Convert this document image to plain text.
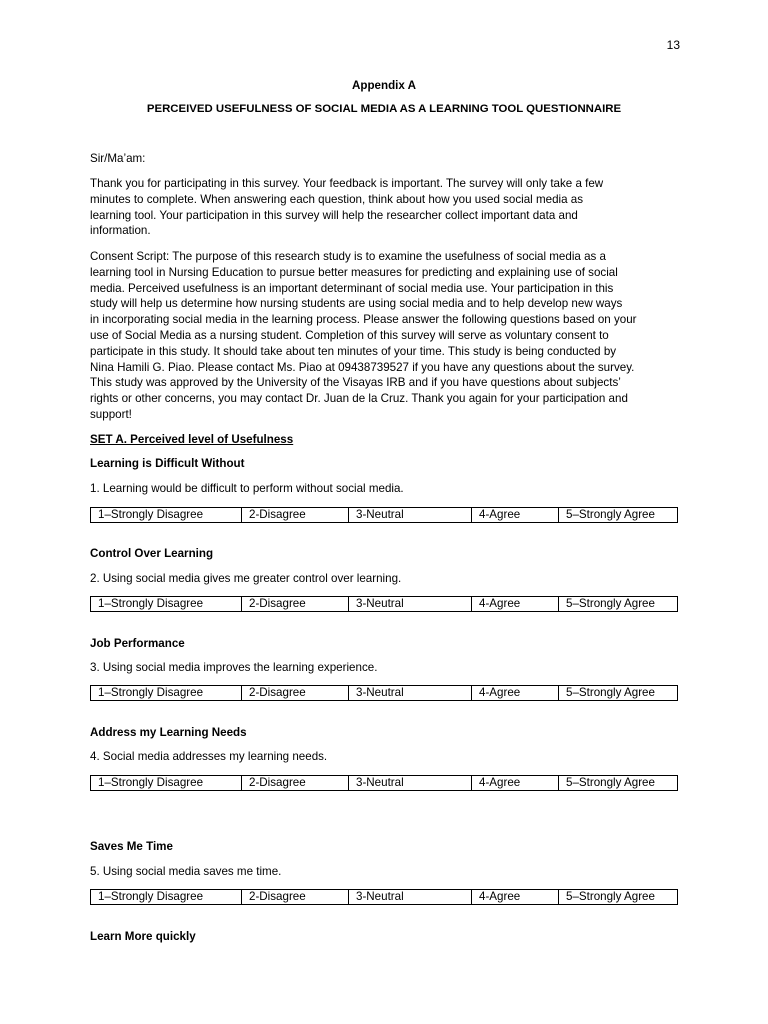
13
Appendix A
PERCEIVED USEFULNESS OF SOCIAL MEDIA AS A LEARNING TOOL QUESTIONNAIRE
Sir/Ma’am:
Thank you for participating in this survey. Your feedback is important. The survey will only take a few
minutes to complete. When answering each question, think about how you used social media as
learning tool. Your participation in this survey will help the researcher collect important data and
information.
Consent Script: The purpose of this research study is to examine the usefulness of social media as a
learning tool in Nursing Education to pursue better measures for predicting and explaining use of social
media. Perceived usefulness is an important determinant of social media use. Your participation in this
study will help us determine how nursing students are using social media and to help develop new ways
in incorporating social media in the learning process. Please answer the following questions based on your
use of Social Media as a nursing student. Completion of this survey will serve as voluntary consent to
participate in this study. It should take about ten minutes of your time. This study is being conducted by
Nina Hamili G. Piao. Please contact Ms. Piao at 09438739527 if you have any questions about the survey.
This study was approved by the University of the Visayas IRB and if you have questions about subjects’
rights or other concerns, you may contact Dr. Juan de la Cruz. Thank you again for your participation and
support!
SET A. Perceived level of Usefulness
Learning is Difficult Without
1. Learning would be difficult to perform without social media.
1–Strongly Disagree	2-Disagree	3-Neutral	4-Agree	5–Strongly Agree
Control Over Learning
2. Using social media gives me greater control over learning.
1–Strongly Disagree	2-Disagree	3-Neutral	4-Agree	5–Strongly Agree
Job Performance
3. Using social media improves the learning experience.
1–Strongly Disagree	2-Disagree	3-Neutral	4-Agree	5–Strongly Agree
Address my Learning Needs
4. Social media addresses my learning needs.
1–Strongly Disagree	2-Disagree	3-Neutral	4-Agree	5–Strongly Agree
Saves Me Time
5. Using social media saves me time.
1–Strongly Disagree	2-Disagree	3-Neutral	4-Agree	5–Strongly Agree
Learn More quickly
